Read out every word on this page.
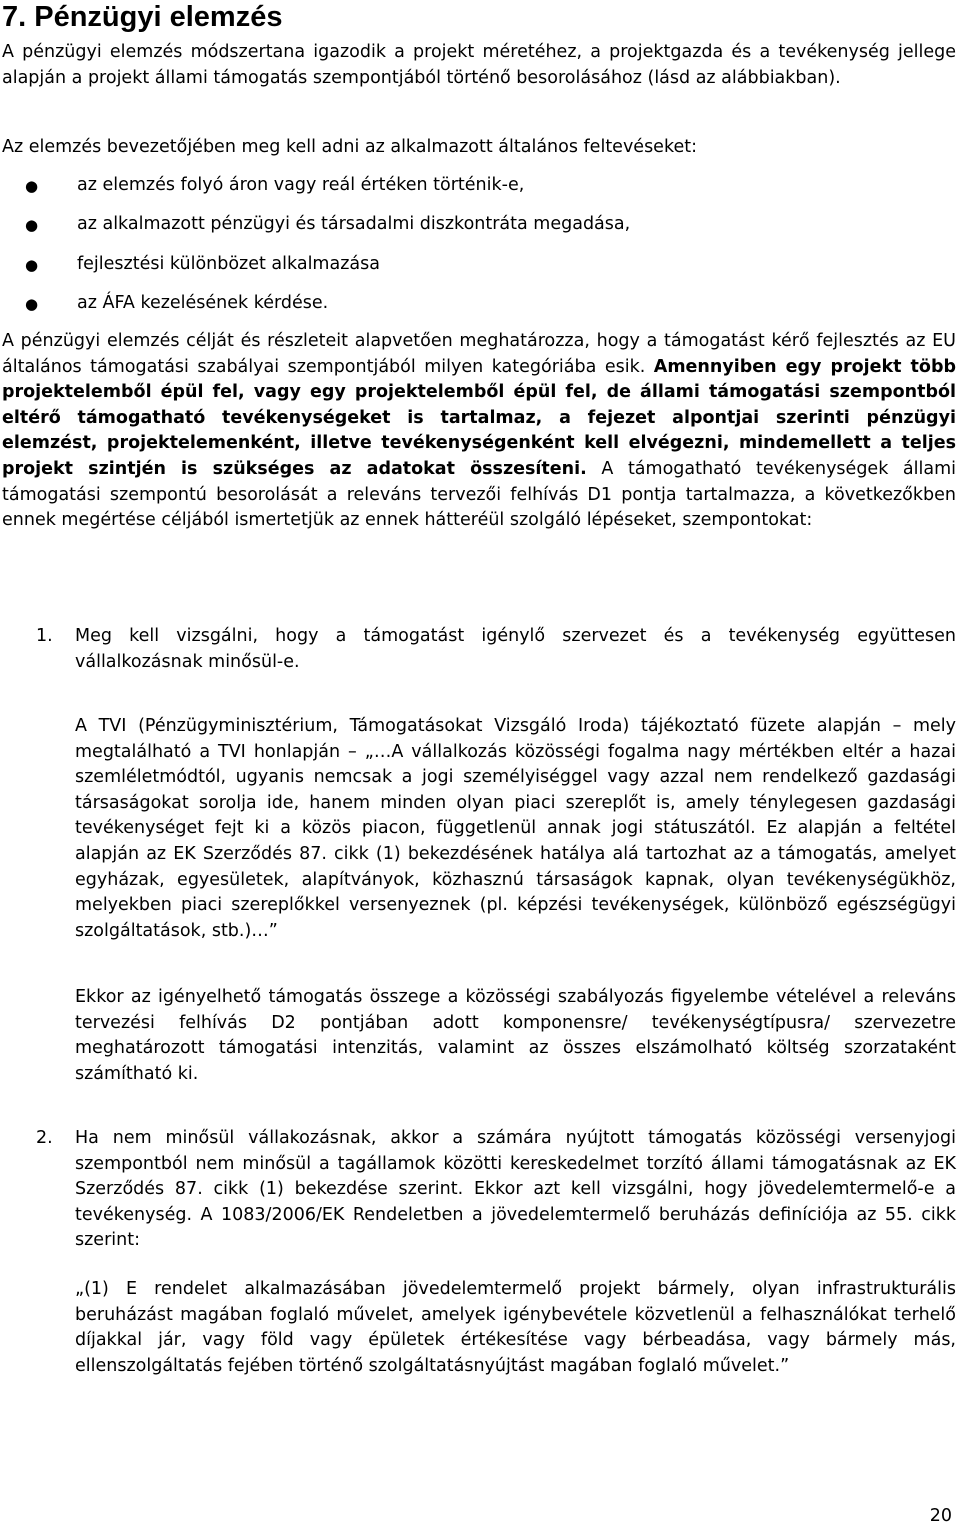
7. Pénzügyi elemzés

A pénzügyi elemzés módszertana igazodik a projekt méretéhez, a projektgazda és a tevékenység jellege alapján a projekt állami támogatás szempontjából történő besorolásához (lásd az alábbiakban).

Az elemzés bevezetőjében meg kell adni az alkalmazott általános feltevéseket:

● az elemzés folyó áron vagy reál értéken történik-e,
● az alkalmazott pénzügyi és társadalmi diszkontráta megadása,
● fejlesztési különbözet alkalmazása
● az ÁFA kezelésének kérdése.

A pénzügyi elemzés célját és részleteit alapvetően meghatározza, hogy a támogatást kérő fejlesztés az EU általános támogatási szabályai szempontjából milyen kategóriába esik. Amennyiben egy projekt több projektelemből épül fel, vagy egy projektelemből épül fel, de állami támogatási szempontból eltérő támogatható tevékenységeket is tartalmaz, a fejezet alpontjai szerinti pénzügyi elemzést, projektelemenként, illetve tevékenységenként kell elvégezni, mindemellett a teljes projekt szintjén is szükséges az adatokat összesíteni. A támogatható tevékenységek állami támogatási szempontú besorolását a releváns tervezői felhívás D1 pontja tartalmazza, a következőkben ennek megértése céljából ismertetjük az ennek hátteréül szolgáló lépéseket, szempontokat:

1. Meg kell vizsgálni, hogy a támogatást igénylő szervezet és a tevékenység együttesen vállalkozásnak minősül-e.

A TVI (Pénzügyminisztérium, Támogatásokat Vizsgáló Iroda) tájékoztató füzete alapján – mely megtalálható a TVI honlapján – „…A vállalkozás közösségi fogalma nagy mértékben eltér a hazai szemléletmódtól, ugyanis nemcsak a jogi személyiséggel vagy azzal nem rendelkező gazdasági társaságokat sorolja ide, hanem minden olyan piaci szereplőt is, amely ténylegesen gazdasági tevékenységet fejt ki a közös piacon, függetlenül annak jogi státuszától. Ez alapján a feltétel alapján az EK Szerződés 87. cikk (1) bekezdésének hatálya alá tartozhat az a támogatás, amelyet egyházak, egyesületek, alapítványok, közhasznú társaságok kapnak, olyan tevékenységükhöz, melyekben piaci szereplőkkel versenyeznek (pl. képzési tevékenységek, különböző egészségügyi szolgáltatások, stb.)…”

Ekkor az igényelhető támogatás összege a közösségi szabályozás figyelembe vételével a releváns tervezési felhívás D2 pontjában adott komponensre/ tevékenységtípusra/ szervezetre meghatározott támogatási intenzitás, valamint az összes elszámolható költség szorzataként számítható ki.

2. Ha nem minősül vállakozásnak, akkor a számára nyújtott támogatás közösségi versenyjogi szempontból nem minősül a tagállamok közötti kereskedelmet torzító állami támogatásnak az EK Szerződés 87. cikk (1) bekezdése szerint. Ekkor azt kell vizsgálni, hogy jövedelemtermelő-e a tevékenység. A 1083/2006/EK Rendeletben a jövedelemtermelő beruházás definíciója az 55. cikk szerint:

„(1) E rendelet alkalmazásában jövedelemtermelő projekt bármely, olyan infrastrukturális beruházást magában foglaló művelet, amelyek igénybevétele közvetlenül a felhasználókat terhelő díjakkal jár, vagy föld vagy épületek értékesítése vagy bérbeadása, vagy bármely más, ellenszolgáltatás fejében történő szolgáltatásnyújtást magában foglaló művelet.”

20
